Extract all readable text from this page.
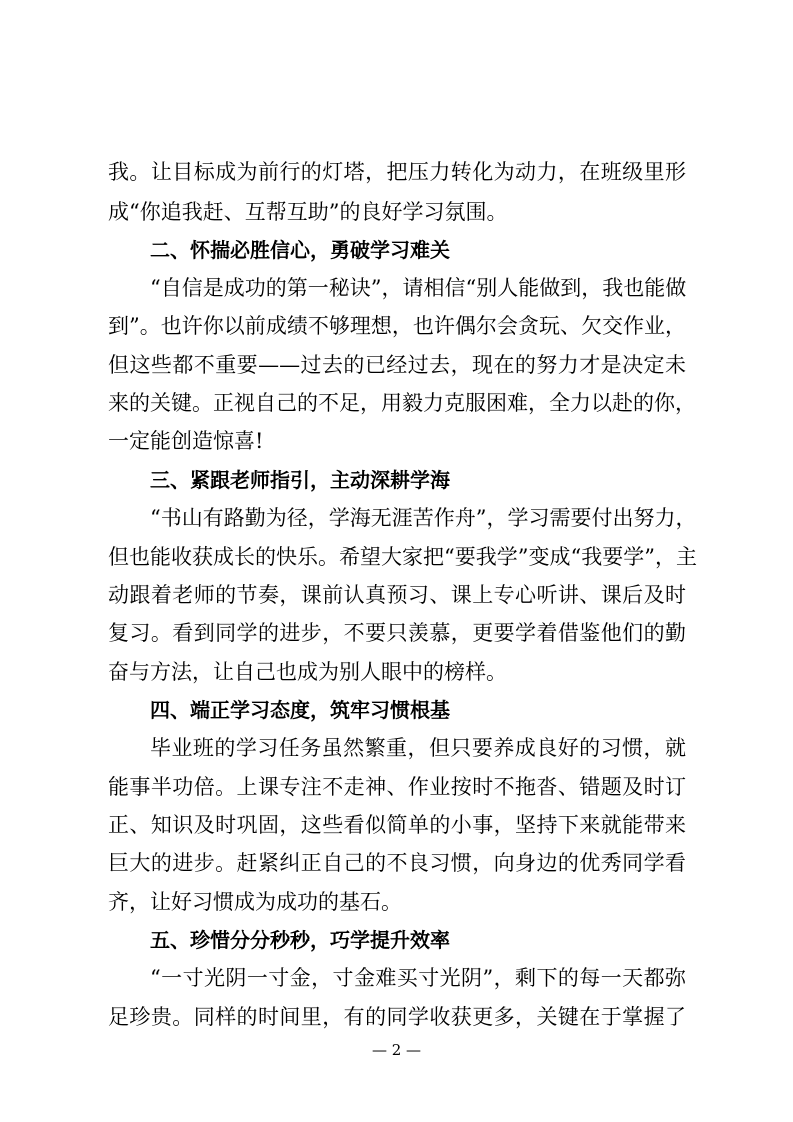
我。让目标成为前行的灯塔，把压力转化为动力，在班级里形
成“你追我赶、互帮互助”的良好学习氛围。
二、怀揣必胜信心，勇破学习难关
“自信是成功的第一秘诀”，请相信“别人能做到，我也能做
到”。也许你以前成绩不够理想，也许偶尔会贪玩、欠交作业，
但这些都不重要——过去的已经过去，现在的努力才是决定未
来的关键。正视自己的不足，用毅力克服困难，全力以赴的你，
一定能创造惊喜!
三、紧跟老师指引，主动深耕学海
“书山有路勤为径，学海无涯苦作舟”，学习需要付出努力，
但也能收获成长的快乐。希望大家把“要我学”变成“我要学”，主
动跟着老师的节奏，课前认真预习、课上专心听讲、课后及时
复习。看到同学的进步，不要只羡慕，更要学着借鉴他们的勤
奋与方法，让自己也成为别人眼中的榜样。
四、端正学习态度，筑牢习惯根基
毕业班的学习任务虽然繁重，但只要养成良好的习惯，就
能事半功倍。上课专注不走神、作业按时不拖沓、错题及时订
正、知识及时巩固，这些看似简单的小事，坚持下来就能带来
巨大的进步。赶紧纠正自己的不良习惯，向身边的优秀同学看
齐，让好习惯成为成功的基石。
五、珍惜分分秒秒，巧学提升效率
“一寸光阴一寸金，寸金难买寸光阴”，剩下的每一天都弥
足珍贵。同样的时间里，有的同学收获更多，关键在于掌握了
— 2 —
